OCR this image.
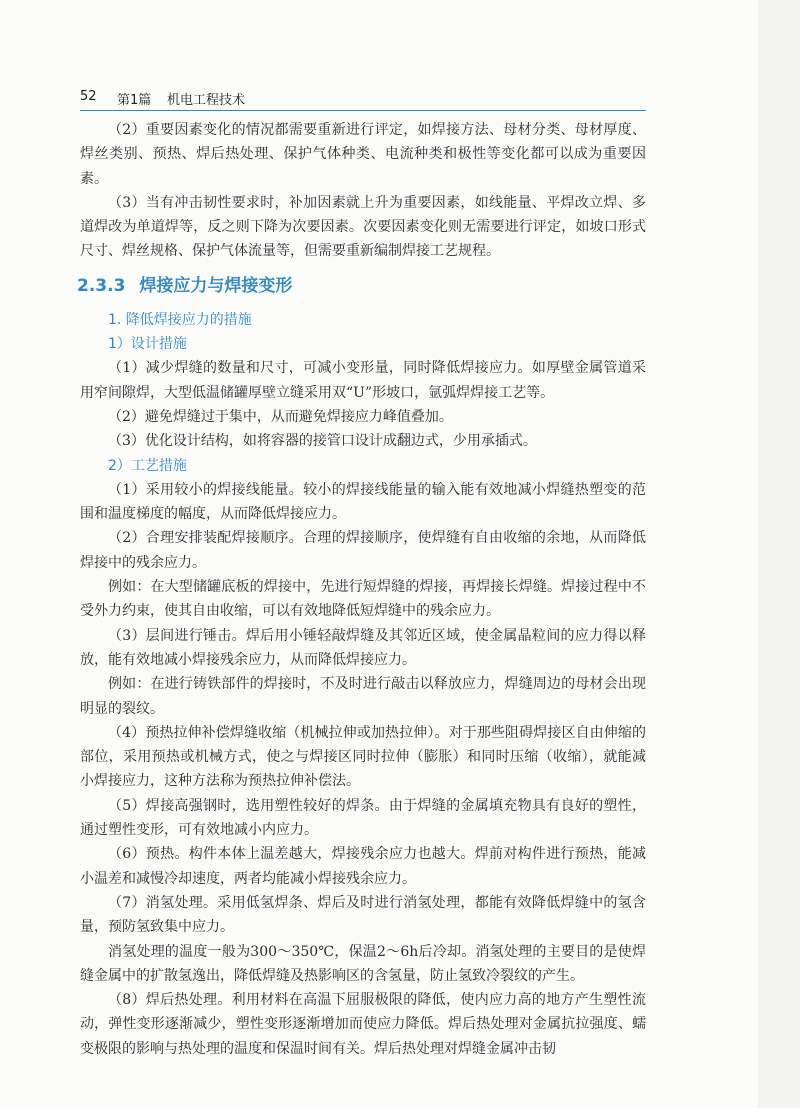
52 第1篇 机电工程技术

（2）重要因素变化的情况都需要重新进行评定，如焊接方法、母材分类、母材厚度、焊丝类别、预热、焊后热处理、保护气体种类、电流种类和极性等变化都可以成为重要因素。

（3）当有冲击韧性要求时，补加因素就上升为重要因素，如线能量、平焊改立焊、多道焊改为单道焊等，反之则下降为次要因素。次要因素变化则无需要进行评定，如坡口形式尺寸、焊丝规格、保护气体流量等，但需要重新编制焊接工艺规程。

2.3.3 焊接应力与焊接变形
1. 降低焊接应力的措施
1）设计措施

（1）减少焊缝的数量和尺寸，可减小变形量，同时降低焊接应力。如厚壁金属管道采用窄间隙焊，大型低温储罐厚壁立缝采用双“U”形坡口，氩弧焊焊接工艺等。

（2）避免焊缝过于集中，从而避免焊接应力峰值叠加。

（3）优化设计结构，如将容器的接管口设计成翻边式，少用承插式。

2）工艺措施

（1）采用较小的焊接线能量。较小的焊接线能量的输入能有效地减小焊缝热塑变的范围和温度梯度的幅度，从而降低焊接应力。

（2）合理安排装配焊接顺序。合理的焊接顺序，使焊缝有自由收缩的余地，从而降低焊接中的残余应力。

例如：在大型储罐底板的焊接中，先进行短焊缝的焊接，再焊接长焊缝。焊接过程中不受外力约束，使其自由收缩，可以有效地降低短焊缝中的残余应力。

（3）层间进行锤击。焊后用小锤轻敲焊缝及其邻近区域，使金属晶粒间的应力得以释放，能有效地减小焊接残余应力，从而降低焊接应力。

例如：在进行铸铁部件的焊接时，不及时进行敲击以释放应力，焊缝周边的母材会出现明显的裂纹。

（4）预热拉伸补偿焊缝收缩（机械拉伸或加热拉伸）。对于那些阻碍焊接区自由伸缩的部位，采用预热或机械方式，使之与焊接区同时拉伸（膨胀）和同时压缩（收缩），就能减小焊接应力，这种方法称为预热拉伸补偿法。

（5）焊接高强钢时，选用塑性较好的焊条。由于焊缝的金属填充物具有良好的塑性，通过塑性变形，可有效地减小内应力。

（6）预热。构件本体上温差越大，焊接残余应力也越大。焊前对构件进行预热，能减小温差和减慢冷却速度，两者均能减小焊接残余应力。

（7）消氢处理。采用低氢焊条、焊后及时进行消氢处理，都能有效降低焊缝中的氢含量，预防氢致集中应力。

消氢处理的温度一般为300～350℃，保温2～6h后冷却。消氢处理的主要目的是使焊缝金属中的扩散氢逸出，降低焊缝及热影响区的含氢量，防止氢致冷裂纹的产生。

（8）焊后热处理。利用材料在高温下屈服极限的降低，使内应力高的地方产生塑性流动，弹性变形逐渐减少，塑性变形逐渐增加而使应力降低。焊后热处理对金属抗拉强度、蠕变极限的影响与热处理的温度和保温时间有关。焊后热处理对焊缝金属冲击韧
